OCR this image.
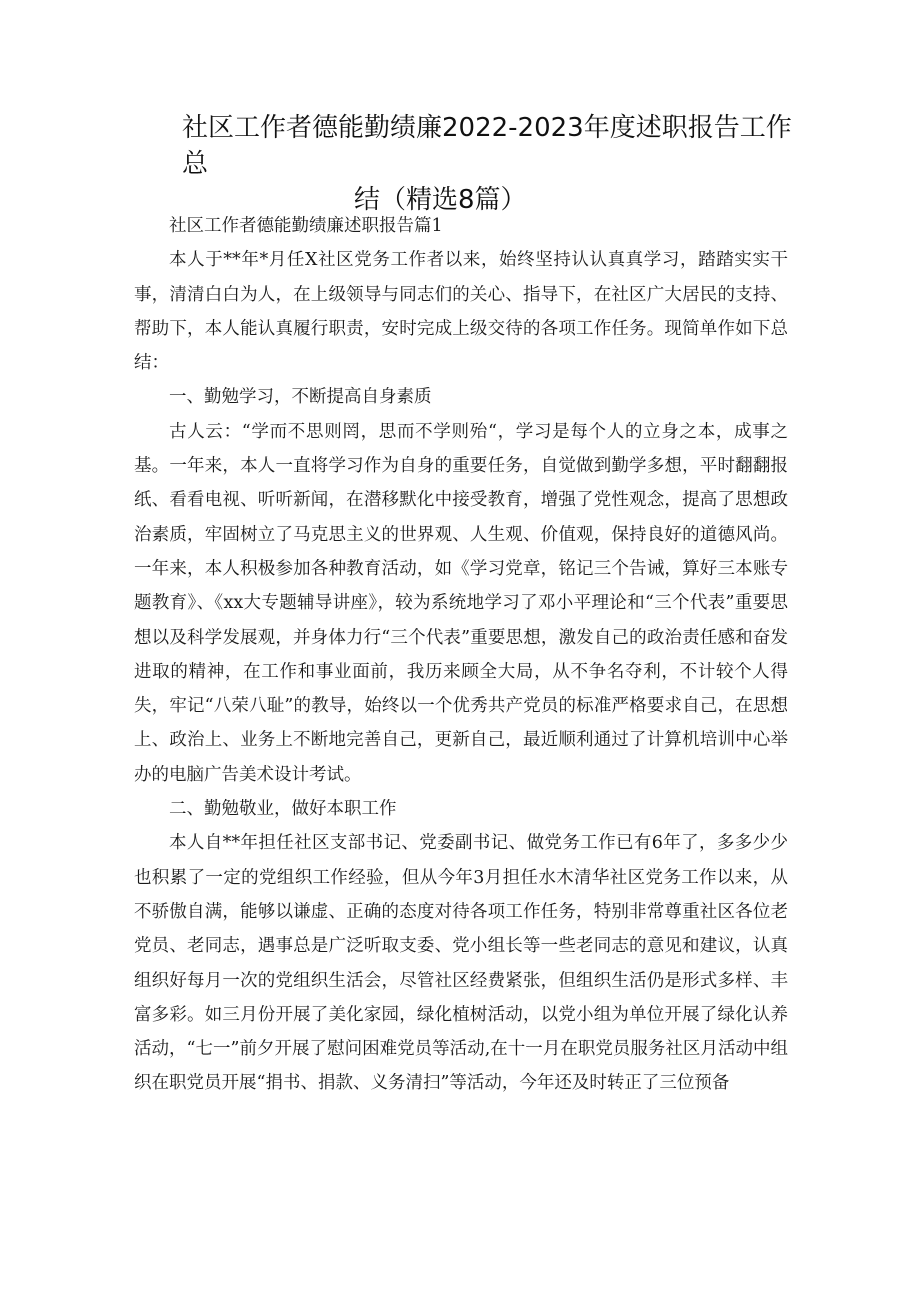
社区工作者德能勤绩廉2022-2023年度述职报告工作总
结（精选8篇）

社区工作者德能勤绩廉述职报告篇1

本人于**年*月任X社区党务工作者以来，始终坚持认认真真学习，踏踏实实干事，清清白白为人，在上级领导与同志们的关心、指导下，在社区广大居民的支持、帮助下，本人能认真履行职责，安时完成上级交待的各项工作任务。现简单作如下总结：

一、勤勉学习，不断提高自身素质

古人云：“学而不思则罔，思而不学则殆“，学习是每个人的立身之本，成事之基。一年来，本人一直将学习作为自身的重要任务，自觉做到勤学多想，平时翻翻报纸、看看电视、听听新闻，在潜移默化中接受教育，增强了党性观念，提高了思想政治素质，牢固树立了马克思主义的世界观、人生观、价值观，保持良好的道德风尚。一年来，本人积极参加各种教育活动，如《学习党章，铭记三个告诫，算好三本账专题教育》、《xx大专题辅导讲座》，较为系统地学习了邓小平理论和“三个代表”重要思想以及科学发展观，并身体力行“三个代表”重要思想，激发自己的政治责任感和奋发进取的精神，在工作和事业面前，我历来顾全大局，从不争名夺利，不计较个人得失，牢记“八荣八耻”的教导，始终以一个优秀共产党员的标准严格要求自己，在思想上、政治上、业务上不断地完善自己，更新自己，最近顺利通过了计算机培训中心举办的电脑广告美术设计考试。

二、勤勉敬业，做好本职工作

本人自**年担任社区支部书记、党委副书记、做党务工作已有6年了，多多少少也积累了一定的党组织工作经验，但从今年3月担任水木清华社区党务工作以来，从不骄傲自满，能够以谦虚、正确的态度对待各项工作任务，特别非常尊重社区各位老党员、老同志，遇事总是广泛听取支委、党小组长等一些老同志的意见和建议，认真组织好每月一次的党组织生活会，尽管社区经费紧张，但组织生活仍是形式多样、丰富多彩。如三月份开展了美化家园，绿化植树活动，以党小组为单位开展了绿化认养活动，“七一”前夕开展了慰问困难党员等活动,在十一月在职党员服务社区月活动中组织在职党员开展“捐书、捐款、义务清扫”等活动，今年还及时转正了三位预备
